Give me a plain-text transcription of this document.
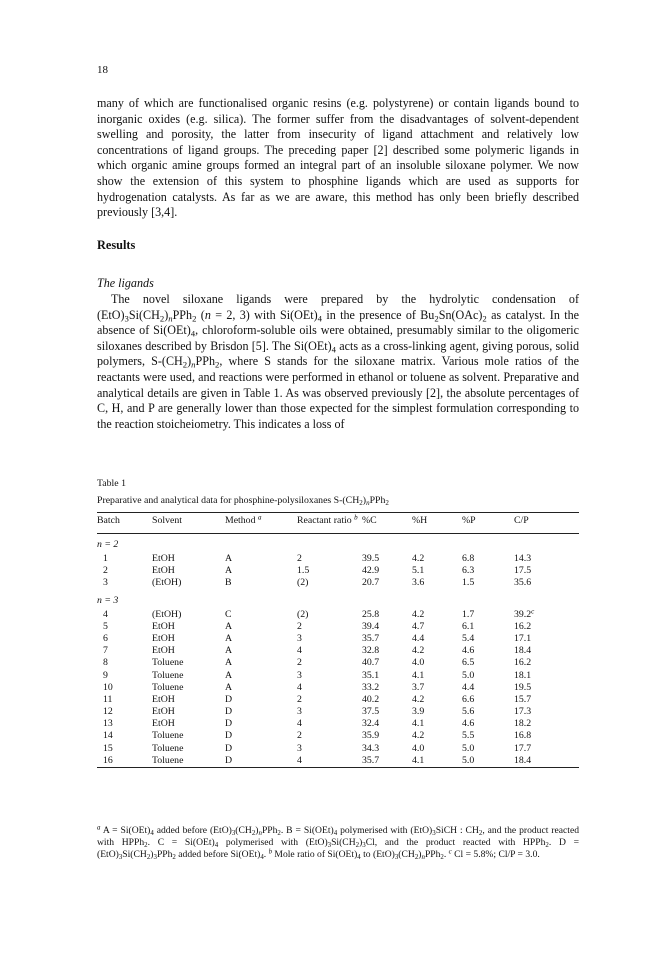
18
many of which are functionalised organic resins (e.g. polystyrene) or contain ligands bound to inorganic oxides (e.g. silica). The former suffer from the disadvantages of solvent-dependent swelling and porosity, the latter from insecurity of ligand attachment and relatively low concentrations of ligand groups. The preceding paper [2] described some polymeric ligands in which organic amine groups formed an integral part of an insoluble siloxane polymer. We now show the extension of this system to phosphine ligands which are used as supports for hydrogenation catalysts. As far as we are aware, this method has only been briefly described previously [3,4].
Results
The ligands
The novel siloxane ligands were prepared by the hydrolytic condensation of $(EtO)_3Si(CH_2)_nPPh_2$ (n = 2, 3) with $Si(OEt)_4$ in the presence of $Bu_2Sn(OAc)_2$ as catalyst. In the absence of $Si(OEt)_4$, chloroform-soluble oils were obtained, presumably similar to the oligomeric siloxanes described by Brisdon [5]. The $Si(OEt)_4$ acts as a cross-linking agent, giving porous, solid polymers, $S-(CH_2)_nPPh_2$, where S stands for the siloxane matrix. Various mole ratios of the reactants were used, and reactions were performed in ethanol or toluene as solvent. Preparative and analytical details are given in Table 1. As was observed previously [2], the absolute percentages of C, H, and P are generally lower than those expected for the simplest formulation corresponding to the reaction stoicheiometry. This indicates a loss of
Table 1
Preparative and analytical data for phosphine-polysiloxanes $S-(CH_2)_nPPh_2$
Batch	Solvent	Method $^a$	Reactant ratio $^b$	%C	%H	%P	C/P
n = 2							
1	EtOH	A	2	39.5	4.2	6.8	14.3
2	EtOH	A	1.5	42.9	5.1	6.3	17.5
3	(EtOH)	B	(2)	20.7	3.6	1.5	35.6
n = 3							
4	(EtOH)	C	(2)	25.8	4.2	1.7	39.2$^c$
5	EtOH	A	2	39.4	4.7	6.1	16.2
6	EtOH	A	3	35.7	4.4	5.4	17.1
7	EtOH	A	4	32.8	4.2	4.6	18.4
8	Toluene	A	2	40.7	4.0	6.5	16.2
9	Toluene	A	3	35.1	4.1	5.0	18.1
10	Toluene	A	4	33.2	3.7	4.4	19.5
11	EtOH	D	2	40.2	4.2	6.6	15.7
12	EtOH	D	3	37.5	3.9	5.6	17.3
13	EtOH	D	4	32.4	4.1	4.6	18.2
14	Toluene	D	2	35.9	4.2	5.5	16.8
15	Toluene	D	3	34.3	4.0	5.0	17.7
16	Toluene	D	4	35.7	4.1	5.0	18.4
$^a$ $A = Si(OEt)_4$ added before $(EtO)_3(CH_2)_nPPh_2$. $B = Si(OEt)_4$ polymerised with $(EtO)_3SiCH$ : $CH_2$, and the product reacted with HPPh$_2$. $C = Si(OEt)_4$ polymerised with $(EtO)_3Si(CH_2)_3Cl$, and the product reacted with HPPh$_2$. $D = (EtO)_3Si(CH_2)_3PPh_2$ added before $Si(OEt)_4$. $^b$ Mole ratio of $Si(OEt)_4$ to $(EtO)_3(CH_2)_nPPh_2$. $^c$ Cl = 5.8%; Cl/P = 3.0.
